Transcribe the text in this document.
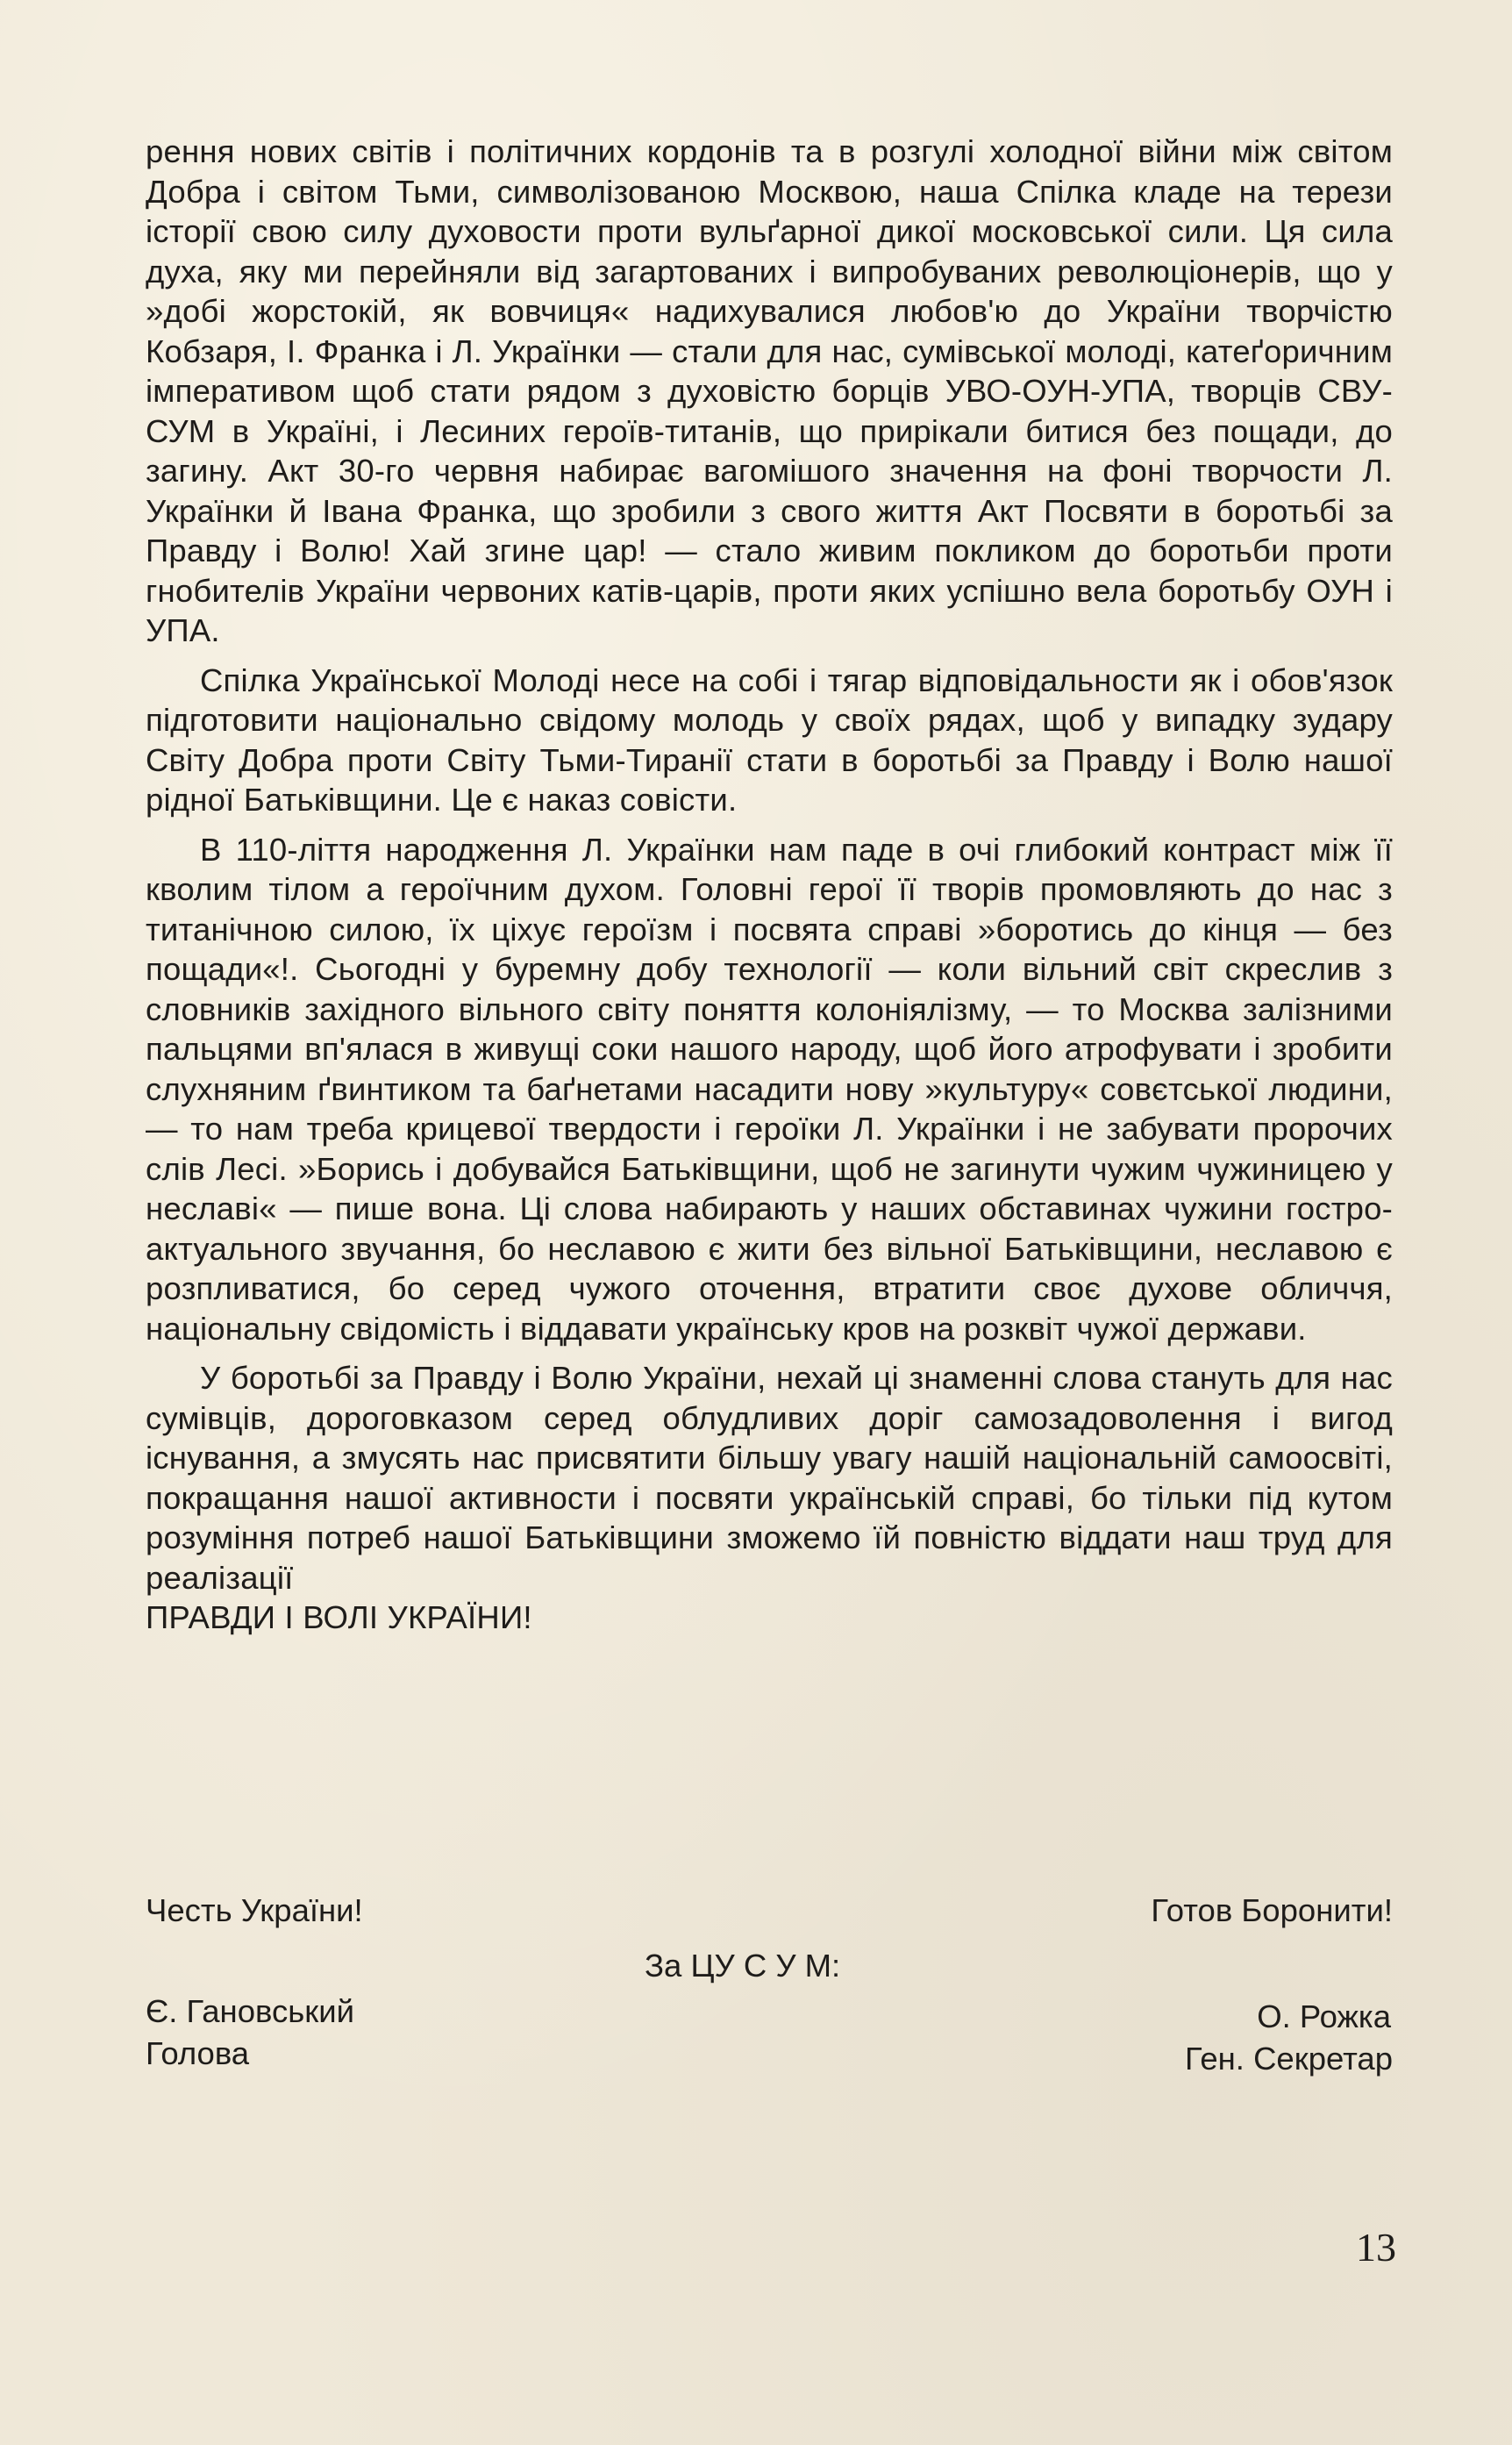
рення нових світів і політичних кордонів та в розгулі холодної війни між світом Добра і світом Тьми, символізованою Москвою, наша Спілка кладе на терези історії свою силу духовости проти вульґарної дикої московської сили. Ця сила духа, яку ми перейняли від загартованих і випробуваних революціонерів, що у »добі жорстокій, як вовчиця« надихувалися любов'ю до України творчістю Кобзаря, І. Франка і Л. Українки — стали для нас, сумівської молоді, катеґоричним імперативом щоб стати рядом з духовістю борців УВО-ОУН-УПА, творців СВУ-СУМ в Україні, і Лесиних героїв-титанів, що прирікали битися без пощади, до загину. Акт 30-го червня набирає вагомішого значення на фоні творчости Л. Українки й Івана Франка, що зробили з свого життя Акт Посвяти в боротьбі за Правду і Волю! Хай згине цар! — стало живим покликом до боротьби проти гнобителів України червоних катів-царів, проти яких успішно вела боротьбу ОУН і УПА.

Спілка Української Молоді несе на собі і тягар відповідальности як і обов'язок підготовити національно свідому молодь у своїх рядах, щоб у випадку зудару Світу Добра проти Світу Тьми-Тиранії стати в боротьбі за Правду і Волю нашої рідної Батьківщини. Це є наказ совісти.

В 110-ліття народження Л. Українки нам паде в очі глибокий контраст між її кволим тілом а героїчним духом. Головні герої її творів промовляють до нас з титанічною силою, їх ціхує героїзм і посвята справі »боротись до кінця — без пощади«!. Сьогодні у буремну добу технології — коли вільний світ скреслив з словників західного вільного світу поняття колоніялізму, — то Москва залізними пальцями вп'ялася в живущі соки нашого народу, щоб його атрофувати і зробити слухняним ґвинтиком та баґнетами насадити нову »культуру« совєтської людини, — то нам треба крицевої твердости і героїки Л. Українки і не забувати пророчих слів Лесі. »Борись і добувайся Батьківщини, щоб не загинути чужим чужиницею у неславі« — пише вона. Ці слова набирають у наших обставинах чужини гостро-актуального звучання, бо неславою є жити без вільної Батьківщини, неславою є розпливатися, бо серед чужого оточення, втратити своє духове обличчя, національну свідомість і віддавати українську кров на розквіт чужої держави.

У боротьбі за Правду і Волю України, нехай ці знаменні слова стануть для нас сумівців, дороговказом серед облудливих доріг самозадоволення і вигод існування, а змусять нас присвятити більшу увагу нашій національній самоосвіті, покращання нашої активности і посвяти українській справі, бо тільки під кутом розуміння потреб нашої Батьківщини зможемо їй повністю віддати наш труд для реалізації

ПРАВДИ І ВОЛІ УКРАЇНИ!

Честь України!	Готов Боронити!
За ЦУ С У М:
Є. Гановський
Голова
О. Рожка
Ген. Секретар
13
